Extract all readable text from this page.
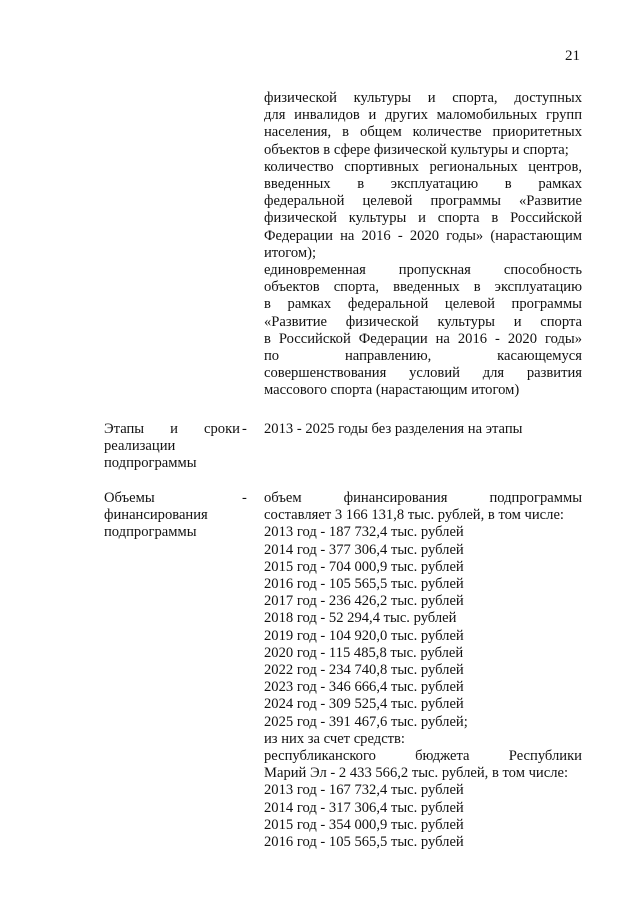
21

физической культуры и спорта, доступных

для инвалидов и других маломобильных групп

населения, в общем количестве приоритетных

объектов в сфере физической культуры и спорта;

количество спортивных региональных центров,

введенных в эксплуатацию в рамках

федеральной целевой программы «Развитие

физической культуры и спорта в Российской

Федерации на 2016 - 2020 годы» (нарастающим

итогом);

единовременная пропускная способность

объектов спорта, введенных в эксплуатацию

в рамках федеральной целевой программы

«Развитие физической культуры и спорта

в Российской Федерации на 2016 - 2020 годы»

по направлению, касающемуся

совершенствования условий для развития

массового спорта (нарастающим итогом)

Этапы и сроки

реализации

подпрограммы

- 2013 - 2025 годы без разделения на этапы

Объемы

финансирования

подпрограммы

- объем финансирования подпрограммы

составляет 3 166 131,8 тыс. рублей, в том числе:

2013 год - 187 732,4 тыс. рублей

2014 год - 377 306,4 тыс. рублей

2015 год - 704 000,9 тыс. рублей

2016 год - 105 565,5 тыс. рублей

2017 год - 236 426,2 тыс. рублей

2018 год - 52 294,4 тыс. рублей

2019 год - 104 920,0 тыс. рублей

2020 год - 115 485,8 тыс. рублей

2022 год - 234 740,8 тыс. рублей

2023 год - 346 666,4 тыс. рублей

2024 год - 309 525,4 тыс. рублей

2025 год - 391 467,6 тыс. рублей;

из них за счет средств:

республиканского бюджета Республики

Марий Эл - 2 433 566,2 тыс. рублей, в том числе:

2013 год - 167 732,4 тыс. рублей

2014 год - 317 306,4 тыс. рублей

2015 год - 354 000,9 тыс. рублей

2016 год - 105 565,5 тыс. рублей
